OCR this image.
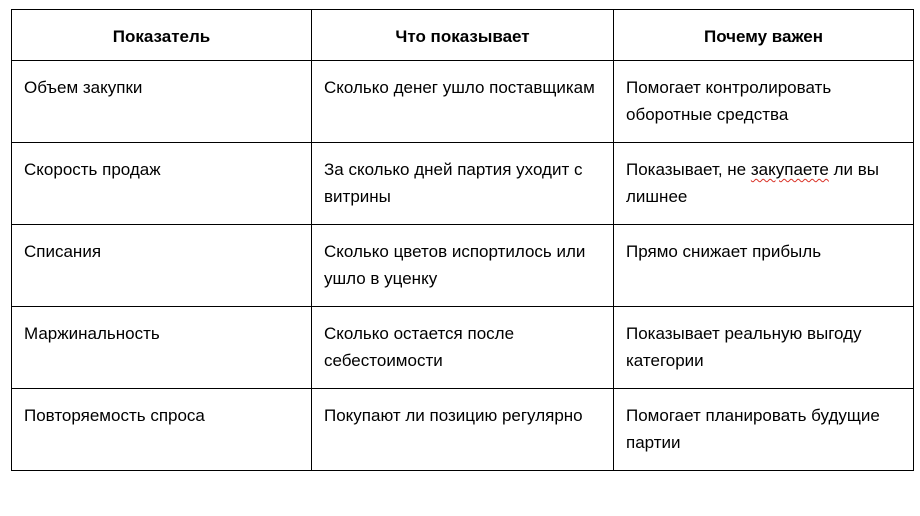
Показатель	Что показывает	Почему важен
Объем закупки	Сколько денег ушло поставщикам	Помогает контролировать оборотные средства
Скорость продаж	За сколько дней партия уходит с витрины	Показывает, не закупаете ли вы лишнее
Списания	Сколько цветов испортилось или ушло в уценку	Прямо снижает прибыль
Маржинальность	Сколько остается после себестоимости	Показывает реальную выгоду категории
Повторяемость спроса	Покупают ли позицию регулярно	Помогает планировать будущие партии
